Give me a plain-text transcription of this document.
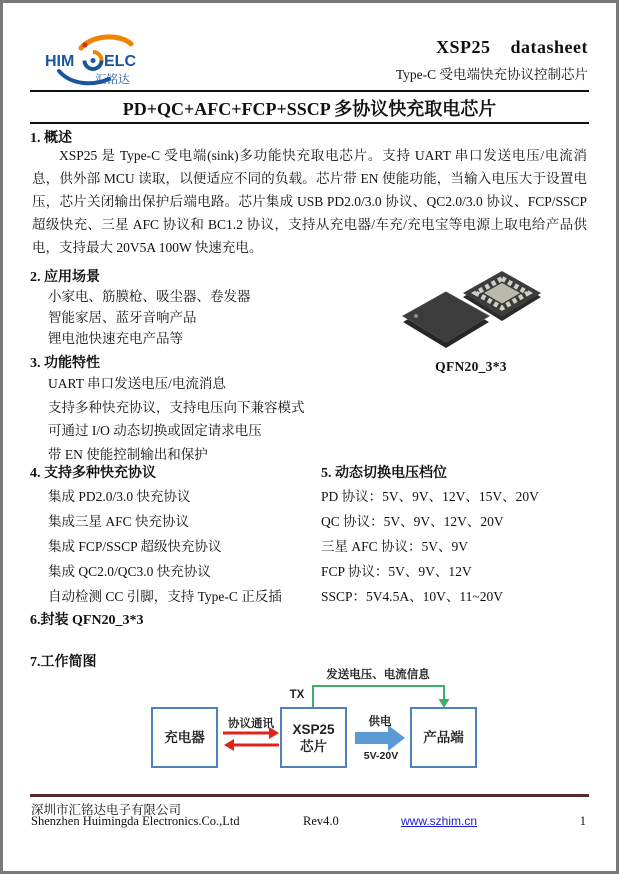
HIM ELC
汇铭达
XSP25    datasheet
Type-C 受电端快充协议控制芯片
PD+QC+AFC+FCP+SSCP 多协议快充取电芯片
1. 概述
XSP25 是 Type-C 受电端(sink)多功能快充取电芯片。支持 UART 串口发送电压/电流消息，供外部 MCU 读取，以便适应不同的负载。芯片带 EN 使能功能，当输入电压大于设置电压，芯片关闭输出保护后端电路。芯片集成 USB PD2.0/3.0 协议、QC2.0/3.0 协议、FCP/SSCP 超级快充、三星 AFC 协议和 BC1.2 协议，支持从充电器/车充/充电宝等电源上取电给产品供电，支持最大 20V5A 100W 快速充电。
2. 应用场景
小家电、筋膜枪、吸尘器、卷发器
智能家居、蓝牙音响产品
锂电池快速充电产品等
QFN20_3*3
3. 功能特性
UART 串口发送电压/电流消息
支持多种快充协议，支持电压向下兼容模式
可通过 I/O 动态切换或固定请求电压
带 EN 使能控制输出和保护
4. 支持多种快充协议
集成 PD2.0/3.0 快充协议
集成三星 AFC 快充协议
集成 FCP/SSCP 超级快充协议
集成 QC2.0/QC3.0 快充协议
自动检测 CC 引脚，支持 Type-C 正反插
5. 动态切换电压档位
PD 协议：5V、9V、12V、15V、20V
QC 协议：5V、9V、12V、20V
三星 AFC 协议：5V、9V
FCP 协议：5V、9V、12V
SSCP：5V4.5A、10V、11~20V
6.封装 QFN20_3*3
7.工作简图
发送电压、电流信息
TX
充电器
XSP25
芯片
产品端
协议通讯	供电
5V-20V
深圳市汇铭达电子有限公司
Shenzhen Huimingda Electronics.Co.,Ltd	Rev4.0	www.szhim.cn	1
